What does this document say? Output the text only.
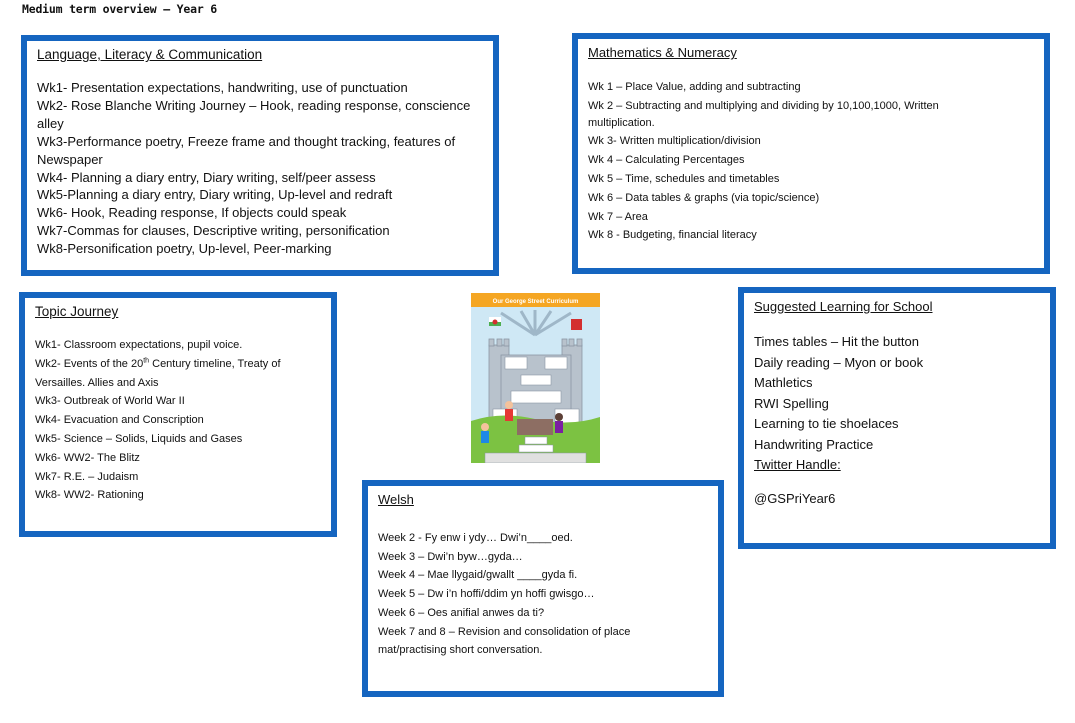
Medium term overview – Year 6
Language, Literacy & Communication
Wk1- Presentation expectations, handwriting, use of punctuation
Wk2- Rose Blanche Writing Journey – Hook, reading response, conscience
alley
Wk3-Performance poetry, Freeze frame and thought tracking, features of
Newspaper
Wk4- Planning a diary entry, Diary writing, self/peer assess
Wk5-Planning a diary entry, Diary writing, Up-level and redraft
Wk6- Hook, Reading response, If objects could speak
Wk7-Commas for clauses, Descriptive writing, personification
Wk8-Personification poetry, Up-level, Peer-marking
Mathematics & Numeracy
Wk 1 – Place Value, adding and subtracting
Wk 2 – Subtracting and multiplying and dividing by 10,100,1000, Written
multiplication.
Wk 3- Written multiplication/division
Wk 4 – Calculating Percentages
Wk 5 – Time, schedules and timetables
Wk 6 – Data tables & graphs (via topic/science)
Wk 7 – Area
Wk 8 - Budgeting, financial literacy
Topic Journey
Wk1- Classroom expectations, pupil voice.
Wk2- Events of the 20th Century timeline, Treaty of
Versailles. Allies and Axis
Wk3- Outbreak of World War II
Wk4- Evacuation and Conscription
Wk5- Science – Solids, Liquids and Gases
Wk6- WW2- The Blitz
Wk7- R.E. – Judaism
Wk8- WW2- Rationing
Our George Street Curriculum	Suggested Learning for School
Times tables – Hit the button
Daily reading – Myon or book
Mathletics
RWI Spelling
Learning to tie shoelaces
Handwriting Practice
Twitter Handle:
@GSPriYear6
Welsh
Week 2 - Fy enw i ydy… Dwi’n____oed.
Week 3 – Dwi’n byw…gyda…
Week 4 – Mae llygaid/gwallt ____gyda fi.
Week 5 – Dw i’n hoffi/ddim yn hoffi gwisgo…
Week 6 – Oes anifial anwes da ti?
Week 7 and 8 – Revision and consolidation of place
mat/practising short conversation.
